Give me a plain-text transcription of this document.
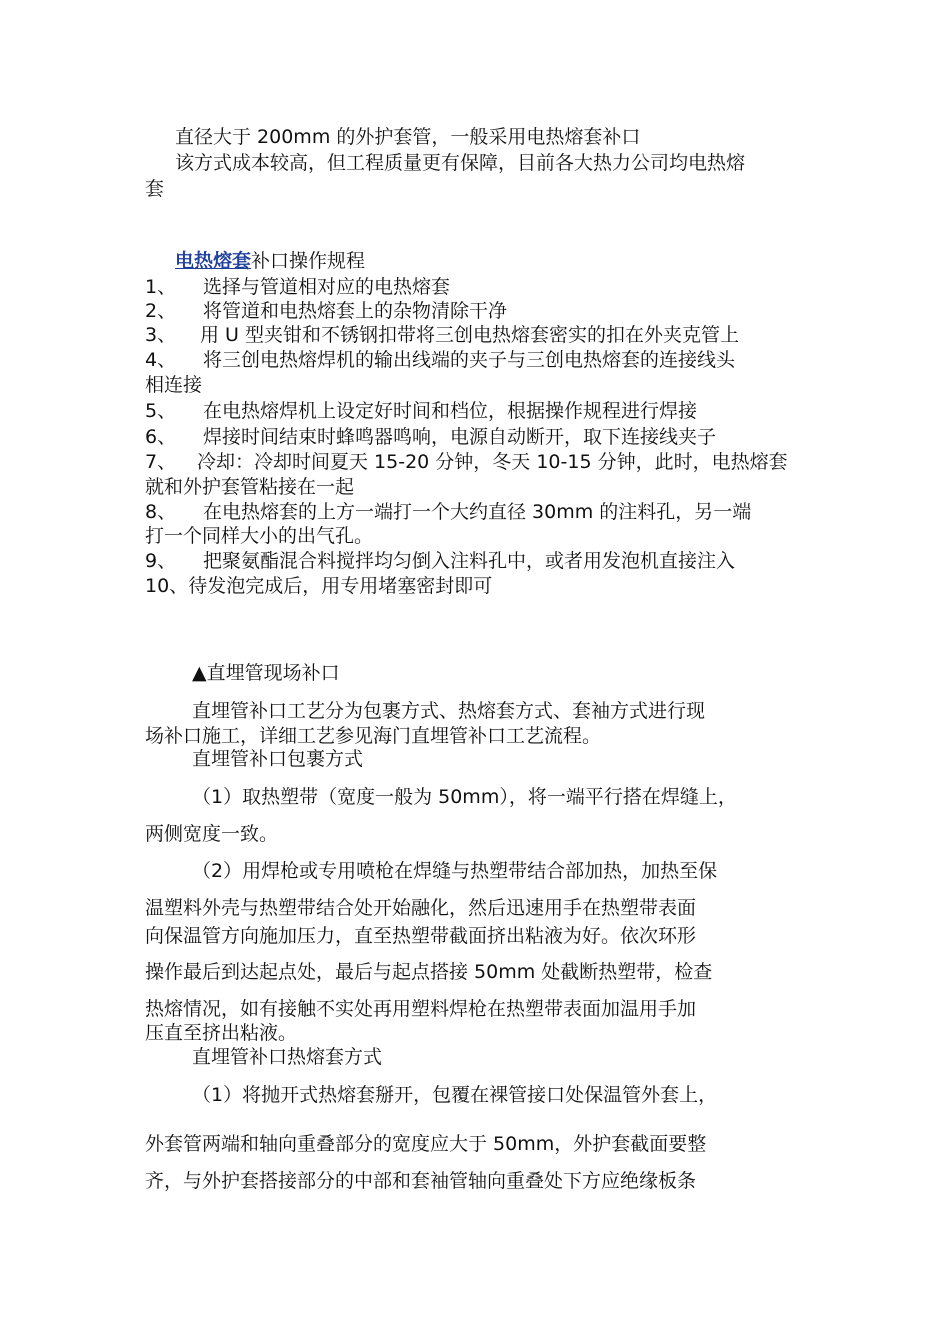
直径大于 200mm 的外护套管，一般采用电热熔套补口
该方式成本较高，但工程质量更有保障，目前各大热力公司均电热熔
套
电热熔套补口操作规程
1、 选择与管道相对应的电热熔套
2、 将管道和电热熔套上的杂物清除干净
3、 用 U 型夹钳和不锈钢扣带将三创电热熔套密实的扣在外夹克管上
4、 将三创电热熔焊机的输出线端的夹子与三创电热熔套的连接线头
相连接
5、 在电热熔焊机上设定好时间和档位，根据操作规程进行焊接
6、 焊接时间结束时蜂鸣器鸣响，电源自动断开，取下连接线夹子
7、 冷却：冷却时间夏天 15-20 分钟，冬天 10-15 分钟，此时，电热熔套
就和外护套管粘接在一起
8、 在电热熔套的上方一端打一个大约直径 30mm 的注料孔，另一端
打一个同样大小的出气孔。
9、 把聚氨酯混合料搅拌均匀倒入注料孔中，或者用发泡机直接注入
10、待发泡完成后，用专用堵塞密封即可
▲直埋管现场补口
直埋管补口工艺分为包裹方式、热熔套方式、套袖方式进行现
场补口施工，详细工艺参见海门直埋管补口工艺流程。
直埋管补口包裹方式
（1）取热塑带（宽度一般为 50mm），将一端平行搭在焊缝上，
两侧宽度一致。
（2）用焊枪或专用喷枪在焊缝与热塑带结合部加热，加热至保
温塑料外壳与热塑带结合处开始融化，然后迅速用手在热塑带表面
向保温管方向施加压力，直至热塑带截面挤出粘液为好。依次环形
操作最后到达起点处，最后与起点搭接 50mm 处截断热塑带，检查
热熔情况，如有接触不实处再用塑料焊枪在热塑带表面加温用手加
压直至挤出粘液。
直埋管补口热熔套方式
（1）将抛开式热熔套掰开，包覆在裸管接口处保温管外套上，
外套管两端和轴向重叠部分的宽度应大于 50mm，外护套截面要整
齐，与外护套搭接部分的中部和套袖管轴向重叠处下方应绝缘板条
